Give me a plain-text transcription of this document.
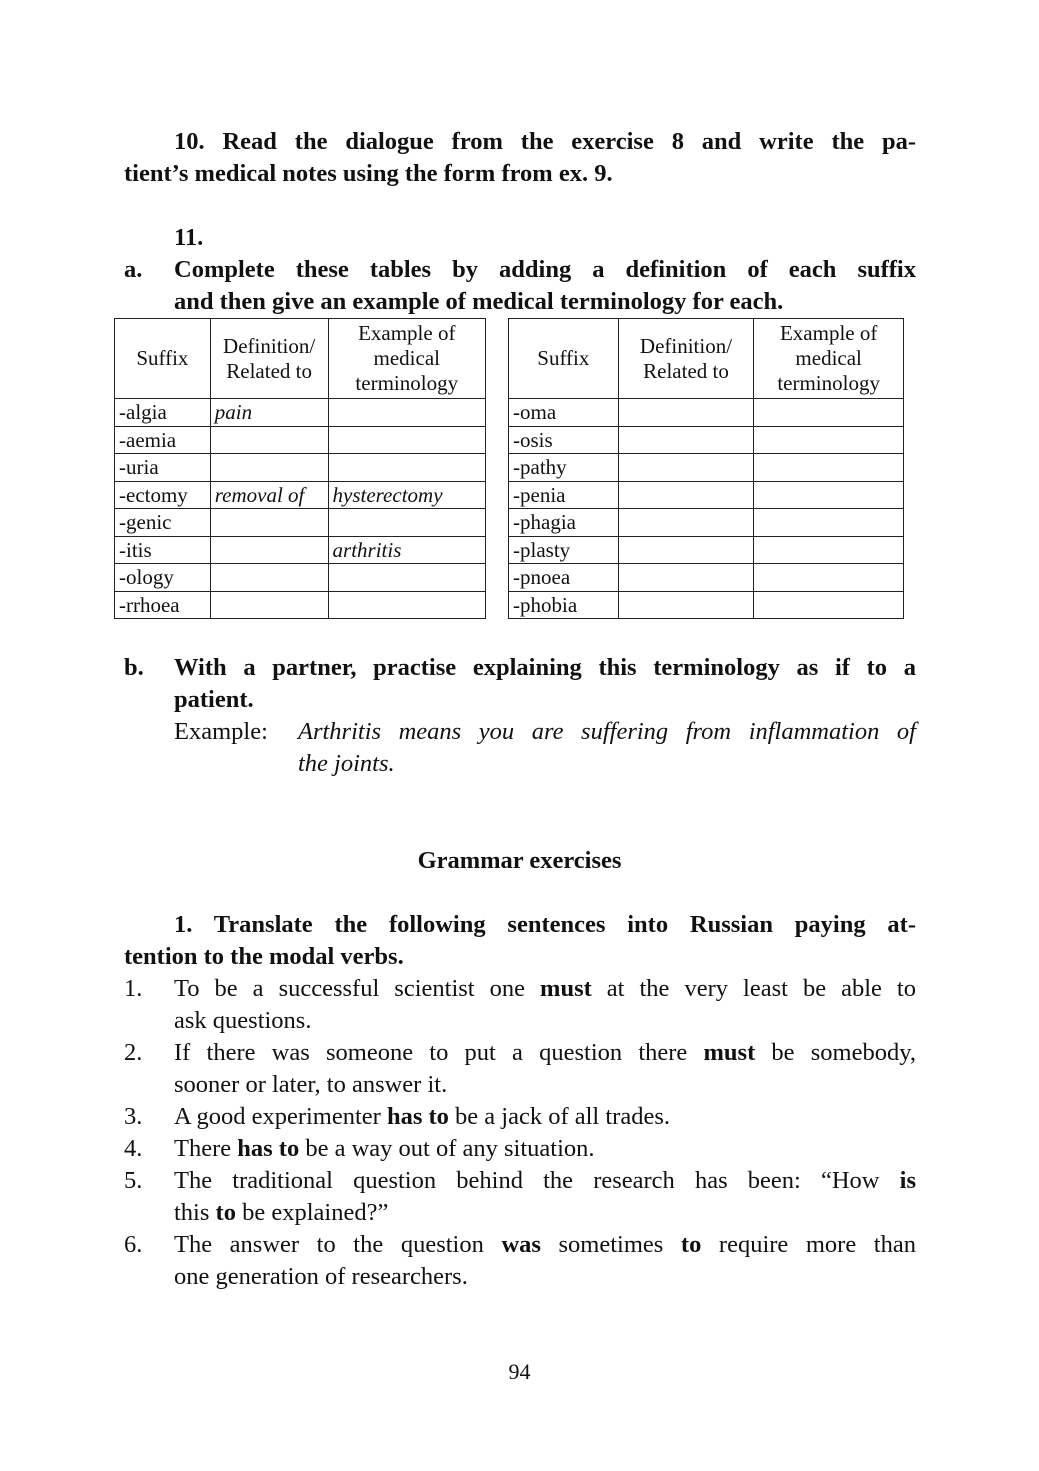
10. Read the dialogue from the exercise 8 and write the pa-
tient’s medical notes using the form from ex. 9.
11.
a. Complete these tables by adding a definition of each suffix
and then give an example of medical terminology for each.
Suffix	Definition/ Related to	Example of medical terminology
-algia	pain	
-aemia		
-uria		
-ectomy	removal of	hysterectomy
-genic		
-itis		arthritis
-ology		
-rrhoea		
Suffix	Definition/ Related to	Example of medical terminology
-oma		
-osis		
-pathy		
-penia		
-phagia		
-plasty		
-pnoea		
-phobia		
b. With a partner, practise explaining this terminology as if to a
patient.
Example: Arthritis means you are suffering from inflammation of
the joints.
Grammar exercises
1. Translate the following sentences into Russian paying at-
tention to the modal verbs.
1. To be a successful scientist one must at the very least be able to
ask questions.
2. If there was someone to put a question there must be somebody,
sooner or later, to answer it.
3.	A good experimenter has to be a jack of all trades.
4.	There has to be a way out of any situation.
5. The traditional question behind the research has been: “How is
this to be explained?”
6. The answer to the question was sometimes to require more than
one generation of researchers.
94
